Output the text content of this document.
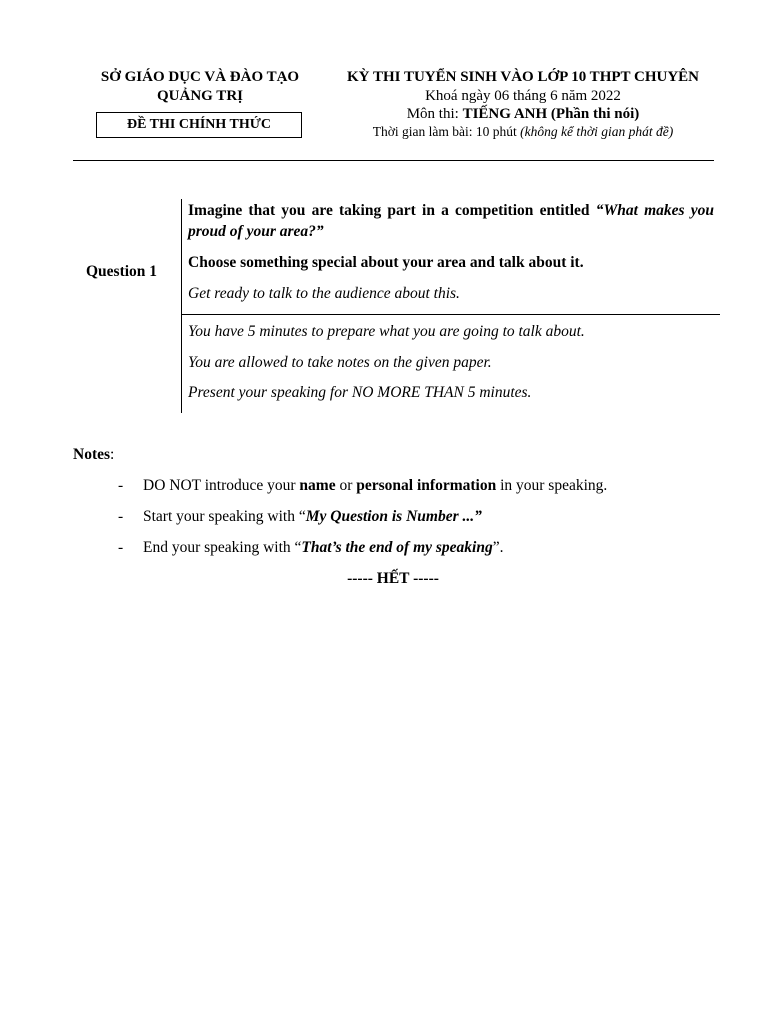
SỞ GIÁO DỤC VÀ ĐÀO TẠO
QUẢNG TRỊ
ĐỀ THI CHÍNH THỨC
KỲ THI TUYỂN SINH VÀO LỚP 10 THPT CHUYÊN
Khoá ngày 06 tháng 6 năm 2022
Môn thi: TIẾNG ANH (Phần thi nói)
Thời gian làm bài: 10 phút (không kể thời gian phát đề)
Question 1
Imagine that you are taking part in a competition entitled “What makes you proud of your area?”
Choose something special about your area and talk about it.
Get ready to talk to the audience about this.
You have 5 minutes to prepare what you are going to talk about.
You are allowed to take notes on the given paper.
Present your speaking for NO MORE THAN 5 minutes.
Notes:
- DO NOT introduce your name or personal information in your speaking.
- Start your speaking with “My Question is Number ...”
- End your speaking with “That’s the end of my speaking”.
----- HẾT -----
